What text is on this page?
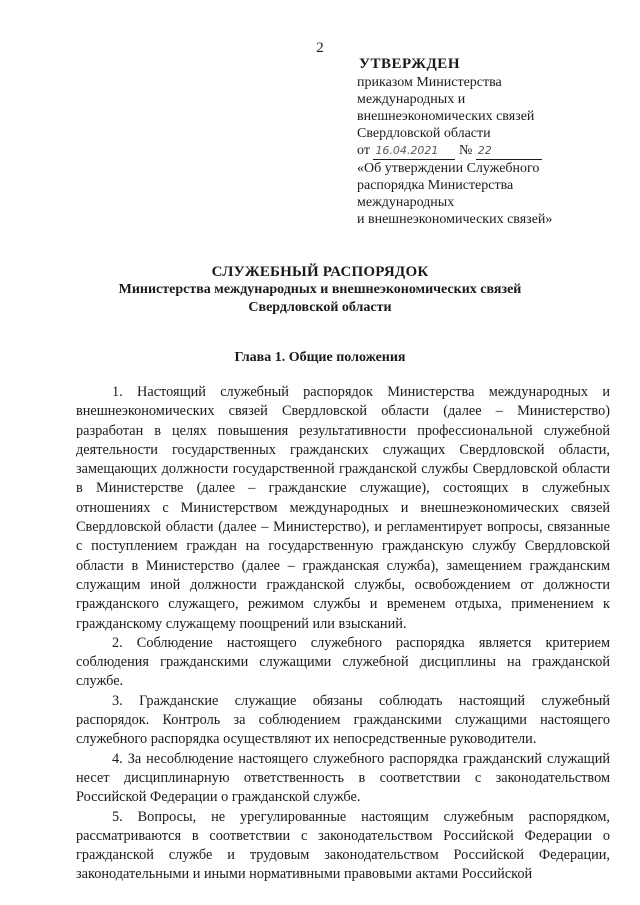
2
УТВЕРЖДЕН
приказом Министерства
международных и
внешнеэкономических связей
Свердловской области
от 16.04.2021 № 22
«Об утверждении Служебного
распорядка Министерства
международных
и внешнеэкономических связей»
СЛУЖЕБНЫЙ РАСПОРЯДОК
Министерства международных и внешнеэкономических связей
Свердловской области
Глава 1. Общие положения

1. Настоящий служебный распорядок Министерства международных и внешнеэкономических связей Свердловской области (далее – Министерство) разработан в целях повышения результативности профессиональной служебной деятельности государственных гражданских служащих Свердловской области, замещающих должности государственной гражданской службы Свердловской области в Министерстве (далее – гражданские служащие), состоящих в служебных отношениях с Министерством международных и внешнеэкономических связей Свердловской области (далее – Министерство), и регламентирует вопросы, связанные с поступлением граждан на государственную гражданскую службу Свердловской области в Министерство (далее – гражданская служба), замещением гражданским служащим иной должности гражданской службы, освобождением от должности гражданского служащего, режимом службы и временем отдыха, применением к гражданскому служащему поощрений или взысканий.

2. Соблюдение настоящего служебного распорядка является критерием соблюдения гражданскими служащими служебной дисциплины на гражданской службе.

3. Гражданские служащие обязаны соблюдать настоящий служебный распорядок. Контроль за соблюдением гражданскими служащими настоящего служебного распорядка осуществляют их непосредственные руководители.

4. За несоблюдение настоящего служебного распорядка гражданский служащий несет дисциплинарную ответственность в соответствии с законодательством Российской Федерации о гражданской службе.

5. Вопросы, не урегулированные настоящим служебным распорядком, рассматриваются в соответствии с законодательством Российской Федерации о гражданской службе и трудовым законодательством Российской Федерации, законодательными и иными нормативными правовыми актами Российской
